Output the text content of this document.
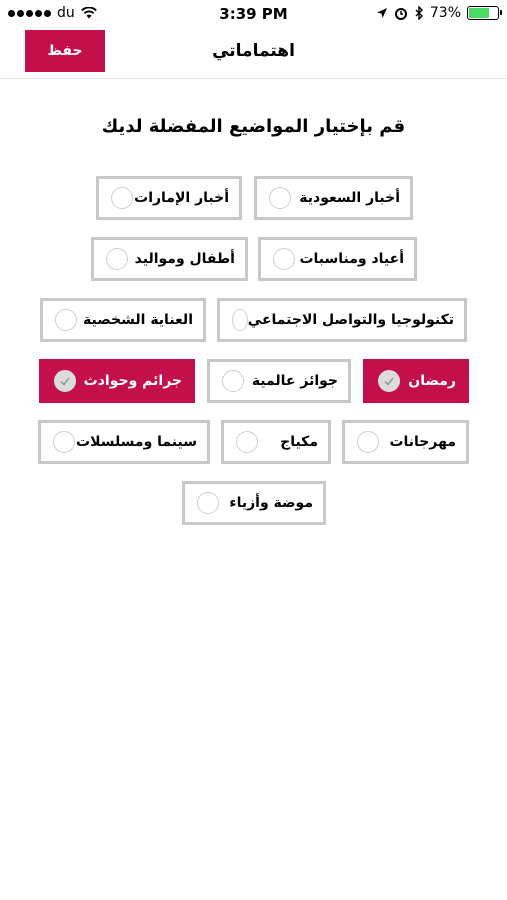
du	3:39 PM	73%
حفظ	اهتماماتي
قم بإختيار المواضيع المفضلة لديك
أخبار السعودية
أخبار الإمارات
أعياد ومناسبات
أطفال ومواليد
تكنولوجيا والتواصل الاجتماعي
العناية الشخصية
رمضان
جوائز عالمية
جرائم وحوادث
مهرجانات
مكياج
سينما ومسلسلات
موضة وأزياء
